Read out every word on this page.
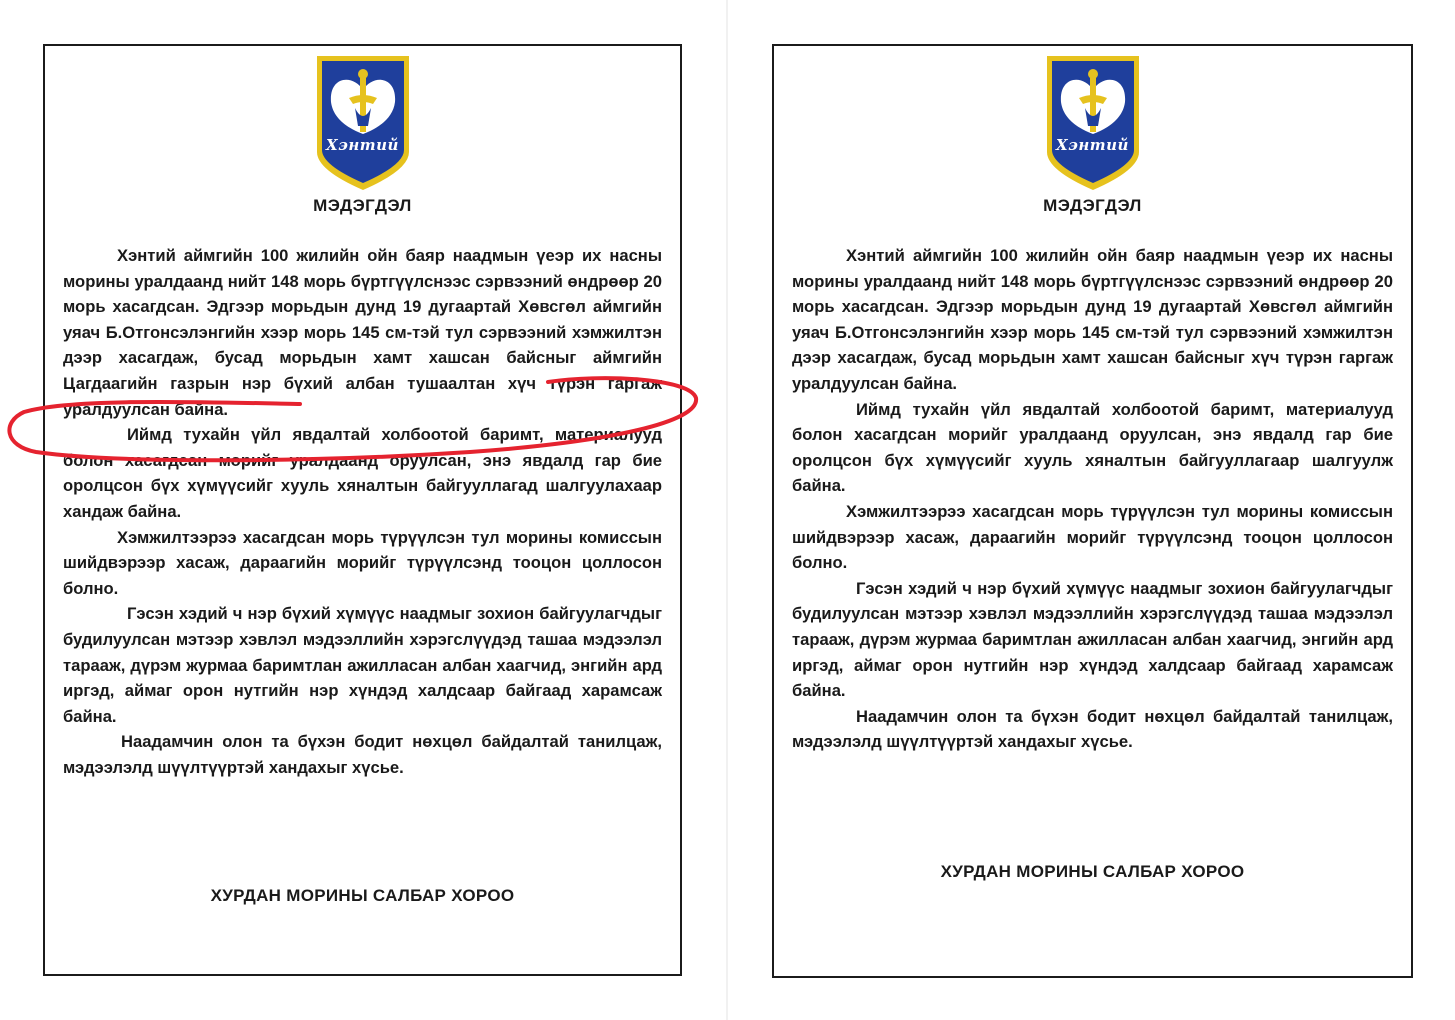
Хэнтий
МЭДЭГДЭЛ

Хэнтий аймгийн 100 жилийн ойн баяр наадмын үеэр их насны морины уралдаанд нийт 148 морь бүртгүүлснээс сэрвээний өндрөөр 20 морь хасагдсан. Эдгээр морьдын дунд 19 дугаартай Хөвсгөл аймгийн уяач Б.Отгонсэлэнгийн хээр морь 145 см-тэй тул сэрвээний хэмжилтэн дээр хасагдаж, бусад морьдын хамт хашсан байсныг аймгийн Цагдаагийн газрын нэр бүхий албан тушаалтан хүч түрэн гаргаж уралдуулсан байна.

Иймд тухайн үйл явдалтай холбоотой баримт, материалууд болон хасагдсан морийг уралдаанд оруулсан, энэ явдалд гар бие оролцсон бүх хүмүүсийг хууль хяналтын байгууллагад шалгуулахаар хандаж байна.

Хэмжилтээрээ хасагдсан морь түрүүлсэн тул морины комиссын шийдвэрээр хасаж, дараагийн морийг түрүүлсэнд тооцон цоллосон болно.

Гэсэн хэдий ч нэр бүхий хүмүүс наадмыг зохион байгуулагчдыг будилуулсан мэтээр хэвлэл мэдээллийн хэрэгслүүдэд ташаа мэдээлэл тарааж, дүрэм журмаа баримтлан ажилласан албан хаагчид, энгийн ард иргэд, аймаг орон нутгийн нэр хүндэд халдсаар байгаад харамсаж байна.

Наадамчин олон та бүхэн бодит нөхцөл байдалтай танилцаж, мэдээлэлд шүүлтүүртэй хандахыг хүсье.

ХУРДАН МОРИНЫ САЛБАР ХОРОО
Хэнтий
МЭДЭГДЭЛ

Хэнтий аймгийн 100 жилийн ойн баяр наадмын үеэр их насны морины уралдаанд нийт 148 морь бүртгүүлснээс сэрвээний өндрөөр 20 морь хасагдсан. Эдгээр морьдын дунд 19 дугаартай Хөвсгөл аймгийн уяач Б.Отгонсэлэнгийн хээр морь 145 см-тэй тул сэрвээний хэмжилтэн дээр хасагдаж, бусад морьдын хамт хашсан байсныг хүч түрэн гаргаж уралдуулсан байна.

Иймд тухайн үйл явдалтай холбоотой баримт, материалууд болон хасагдсан морийг уралдаанд оруулсан, энэ явдалд гар бие оролцсон бүх хүмүүсийг хууль хяналтын байгууллагаар шалгуулж байна.

Хэмжилтээрээ хасагдсан морь түрүүлсэн тул морины комиссын шийдвэрээр хасаж, дараагийн морийг түрүүлсэнд тооцон цоллосон болно.

Гэсэн хэдий ч нэр бүхий хүмүүс наадмыг зохион байгуулагчдыг будилуулсан мэтээр хэвлэл мэдээллийн хэрэгслүүдэд ташаа мэдээлэл тарааж, дүрэм журмаа баримтлан ажилласан албан хаагчид, энгийн ард иргэд, аймаг орон нутгийн нэр хүндэд халдсаар байгаад харамсаж байна.

Наадамчин олон та бүхэн бодит нөхцөл байдалтай танилцаж, мэдээлэлд шүүлтүүртэй хандахыг хүсье.

ХУРДАН МОРИНЫ САЛБАР ХОРОО
